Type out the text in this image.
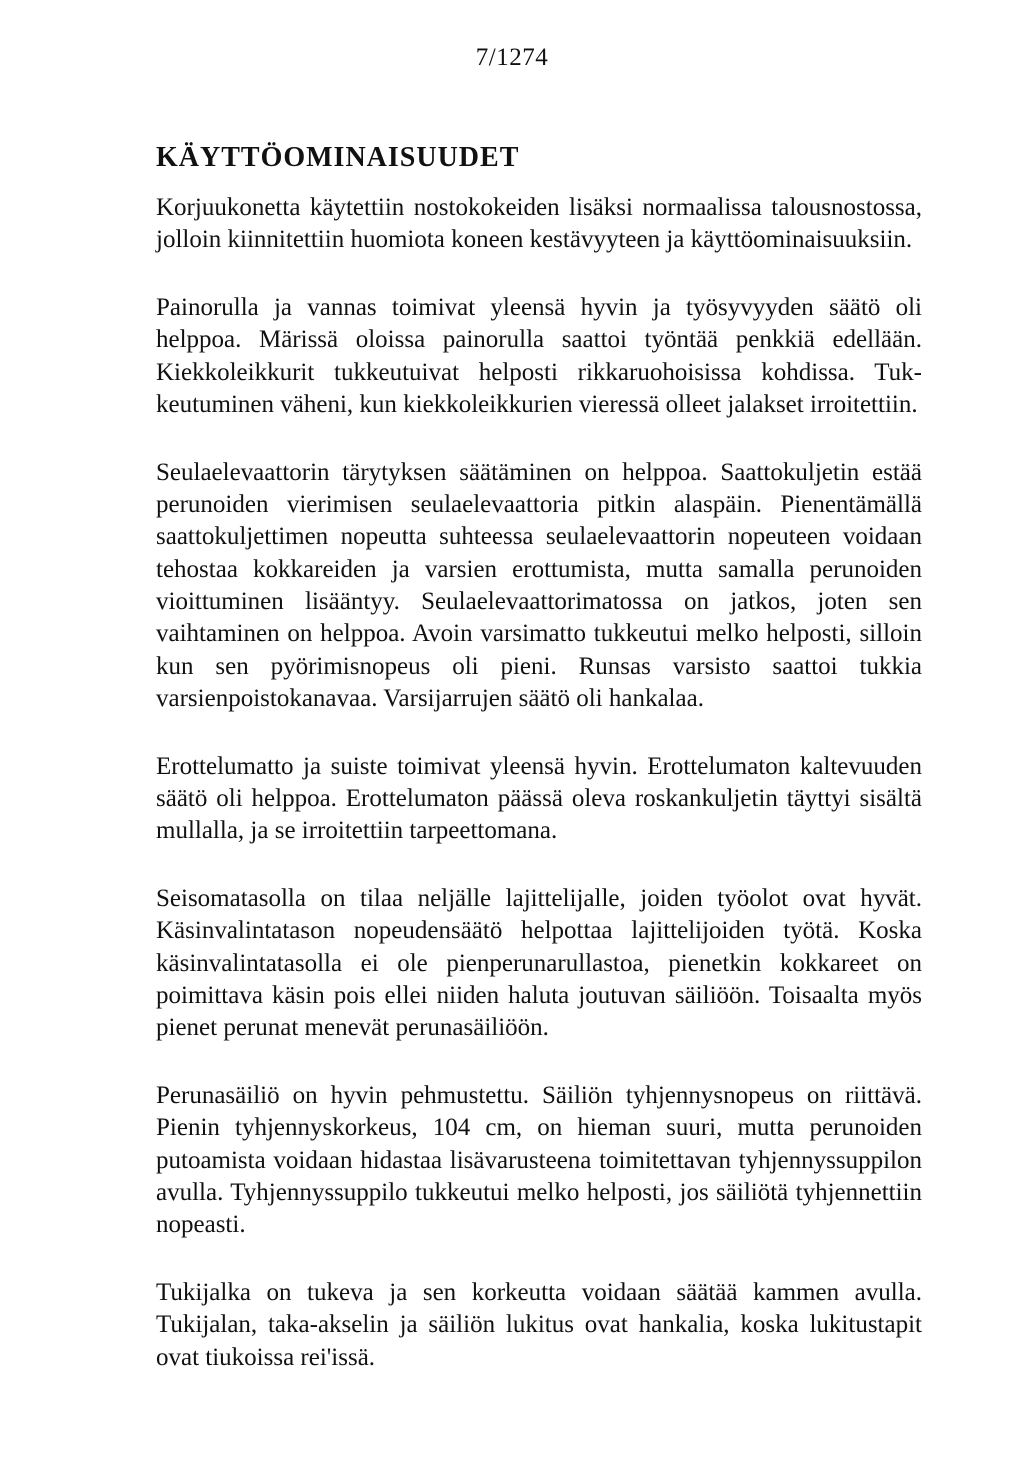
7/1274
KÄYTTÖOMINAISUUDET

Korjuukonetta käytettiin nostokokeiden lisäksi normaalissa talousnostossa, jolloin kiinnitettiin huomiota koneen kestävyyteen ja käyttöominaisuuksiin.

Painorulla ja vannas toimivat yleensä hyvin ja työsyvyyden säätö oli helppoa. Märissä oloissa painorulla saattoi työntää penkkiä edellään. Kiekkoleikkurit tukkeutuivat helposti rikkaruohoisissa kohdissa. Tukkeutuminen väheni, kun kiekkoleikkurien vieressä olleet jalakset irroitettiin.

Seulaelevaattorin tärytyksen säätäminen on helppoa. Saattokuljetin estää perunoiden vierimisen seulaelevaattoria pitkin alaspäin. Pienentämällä saattokuljettimen nopeutta suhteessa seulaelevaattorin nopeuteen voidaan tehostaa kokkareiden ja varsien erottumista, mutta samalla perunoiden vioittuminen lisääntyy. Seulaelevaattorimatossa on jatkos, joten sen vaihtaminen on helppoa. Avoin varsimatto tukkeutui melko helposti, silloin kun sen pyörimisnopeus oli pieni. Runsas varsisto saattoi tukkia varsienpoistokanavaa. Varsijarrujen säätö oli hankalaa.

Erottelumatto ja suiste toimivat yleensä hyvin. Erottelumaton kaltevuuden säätö oli helppoa. Erottelumaton päässä oleva roskankuljetin täyttyi sisältä mullalla, ja se irroitettiin tarpeettomana.

Seisomatasolla on tilaa neljälle lajittelijalle, joiden työolot ovat hyvät. Käsinvalintatason nopeudensäätö helpottaa lajittelijoiden työtä. Koska käsinvalintatasolla ei ole pienperunarullastoa, pienetkin kokkareet on poimittava käsin pois ellei niiden haluta joutuvan säiliöön. Toisaalta myös pienet perunat menevät perunasäiliöön.

Perunasäiliö on hyvin pehmustettu. Säiliön tyhjennysnopeus on riittävä. Pienin tyhjennyskorkeus, 104 cm, on hieman suuri, mutta perunoiden putoamista voidaan hidastaa lisävarusteena toimitettavan tyhjennyssuppilon avulla. Tyhjennyssuppilo tukkeutui melko helposti, jos säiliötä tyhjennettiin nopeasti.

Tukijalka on tukeva ja sen korkeutta voidaan säätää kammen avulla. Tukijalan, taka-akselin ja säiliön lukitus ovat hankalia, koska lukitustapit ovat tiukoissa rei'issä.
